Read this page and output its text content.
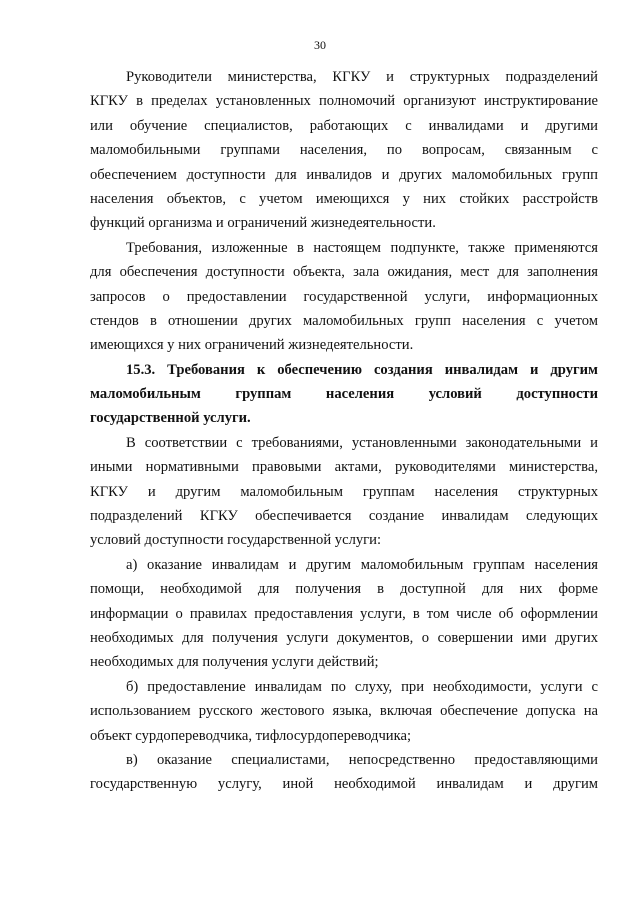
30
Руководители министерства, КГКУ и структурных подразделений
КГКУ в пределах установленных полномочий организуют инструктирование
или обучение специалистов, работающих с инвалидами и другими
маломобильными группами населения, по вопросам, связанным с
обеспечением доступности для инвалидов и других маломобильных групп
населения объектов, с учетом имеющихся у них стойких расстройств
функций организма и ограничений жизнедеятельности.
Требования, изложенные в настоящем подпункте, также применяются
для обеспечения доступности объекта, зала ожидания, мест для заполнения
запросов о предоставлении государственной услуги, информационных
стендов в отношении других маломобильных групп населения с учетом
имеющихся у них ограничений жизнедеятельности.
15.3. Требования к обеспечению создания инвалидам и другим
маломобильным группам населения условий доступности
государственной услуги.
В соответствии с требованиями, установленными законодательными и
иными нормативными правовыми актами, руководителями министерства,
КГКУ и другим маломобильным группам населения структурных
подразделений КГКУ обеспечивается создание инвалидам следующих
условий доступности государственной услуги:
а) оказание инвалидам и другим маломобильным группам населения
помощи, необходимой для получения в доступной для них форме
информации о правилах предоставления услуги, в том числе об оформлении
необходимых для получения услуги документов, о совершении ими других
необходимых для получения услуги действий;
б) предоставление инвалидам по слуху, при необходимости, услуги с
использованием русского жестового языка, включая обеспечение допуска на
объект сурдопереводчика, тифлосурдопереводчика;
в) оказание специалистами, непосредственно предоставляющими
государственную услугу, иной необходимой инвалидам и другим
